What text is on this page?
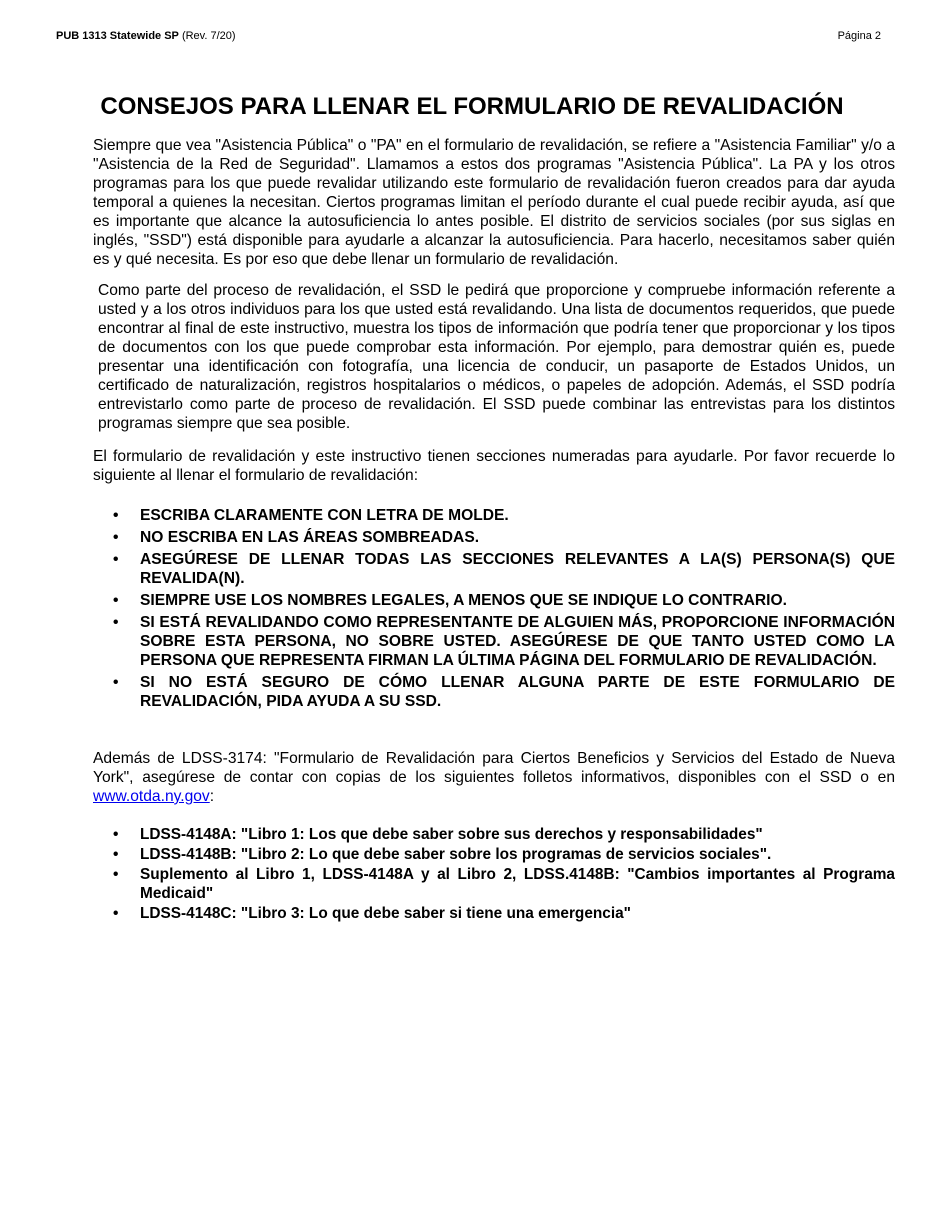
PUB 1313 Statewide SP (Rev. 7/20)	Página 2
CONSEJOS PARA LLENAR EL FORMULARIO DE REVALIDACIÓN

Siempre que vea "Asistencia Pública" o "PA" en el formulario de revalidación, se refiere a "Asistencia Familiar" y/o a "Asistencia de la Red de Seguridad". Llamamos a estos dos programas "Asistencia Pública". La PA y los otros programas para los que puede revalidar utilizando este formulario de revalidación fueron creados para dar ayuda temporal a quienes la necesitan. Ciertos programas limitan el período durante el cual puede recibir ayuda, así que es importante que alcance la autosuficiencia lo antes posible. El distrito de servicios sociales (por sus siglas en inglés, "SSD") está disponible para ayudarle a alcanzar la autosuficiencia. Para hacerlo, necesitamos saber quién es y qué necesita. Es por eso que debe llenar un formulario de revalidación.

Como parte del proceso de revalidación, el SSD le pedirá que proporcione y compruebe información referente a usted y a los otros individuos para los que usted está revalidando. Una lista de documentos requeridos, que puede encontrar al final de este instructivo, muestra los tipos de información que podría tener que proporcionar y los tipos de documentos con los que puede comprobar esta información. Por ejemplo, para demostrar quién es, puede presentar una identificación con fotografía, una licencia de conducir, un pasaporte de Estados Unidos, un certificado de naturalización, registros hospitalarios o médicos, o papeles de adopción. Además, el SSD podría entrevistarlo como parte de proceso de revalidación. El SSD puede combinar las entrevistas para los distintos programas siempre que sea posible.

El formulario de revalidación y este instructivo tienen secciones numeradas para ayudarle. Por favor recuerde lo siguiente al llenar el formulario de revalidación:

• ESCRIBA CLARAMENTE CON LETRA DE MOLDE.
• NO ESCRIBA EN LAS ÁREAS SOMBREADAS.
• ASEGÚRESE DE LLENAR TODAS LAS SECCIONES RELEVANTES A LA(S) PERSONA(S) QUE REVALIDA(N).
• SIEMPRE USE LOS NOMBRES LEGALES, A MENOS QUE SE INDIQUE LO CONTRARIO.
• SI ESTÁ REVALIDANDO COMO REPRESENTANTE DE ALGUIEN MÁS, PROPORCIONE INFORMACIÓN SOBRE ESTA PERSONA, NO SOBRE USTED. ASEGÚRESE DE QUE TANTO USTED COMO LA PERSONA QUE REPRESENTA FIRMAN LA ÚLTIMA PÁGINA DEL FORMULARIO DE REVALIDACIÓN.
• SI NO ESTÁ SEGURO DE CÓMO LLENAR ALGUNA PARTE DE ESTE FORMULARIO DE REVALIDACIÓN, PIDA AYUDA A SU SSD.

Además de LDSS-3174: "Formulario de Revalidación para Ciertos Beneficios y Servicios del Estado de Nueva York", asegúrese de contar con copias de los siguientes folletos informativos, disponibles con el SSD o en www.otda.ny.gov:

• LDSS-4148A: "Libro 1: Los que debe saber sobre sus derechos y responsabilidades"
• LDSS-4148B: "Libro 2: Lo que debe saber sobre los programas de servicios sociales".
• Suplemento al Libro 1, LDSS-4148A y al Libro 2, LDSS.4148B: "Cambios importantes al Programa Medicaid"
• LDSS-4148C: "Libro 3: Lo que debe saber si tiene una emergencia"
